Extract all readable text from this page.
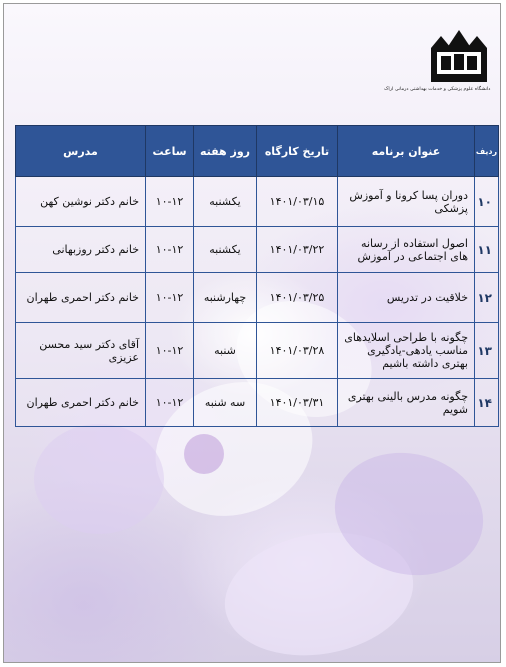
دانشگاه علوم پزشکی و خدمات بهداشتی درمانی اراک
ردیف	عنوان برنامه	تاریخ کارگاه	روز هفته	ساعت	مدرس
۱۰	دوران پسا کرونا و آموزش پزشکی	۱۴۰۱/۰۳/۱۵	یکشنبه	۱۰-۱۲	خانم دکتر نوشین کهن
۱۱	اصول استفاده از رسانه های اجتماعی در آموزش	۱۴۰۱/۰۳/۲۲	یکشنبه	۱۰-۱۲	خانم دکتر روزبهانی
۱۲	خلاقیت در تدریس	۱۴۰۱/۰۳/۲۵	چهارشنبه	۱۰-۱۲	خانم دکتر احمری طهران
۱۳	چگونه با طراحی اسلایدهای مناسب یادهی-یادگیری بهتری داشته باشیم	۱۴۰۱/۰۳/۲۸	شنبه	۱۰-۱۲	آقای دکتر سید محسن عزیزی
۱۴	چگونه مدرس بالینی بهتری شویم	۱۴۰۱/۰۳/۳۱	سه شنبه	۱۰-۱۲	خانم دکتر احمری طهران
